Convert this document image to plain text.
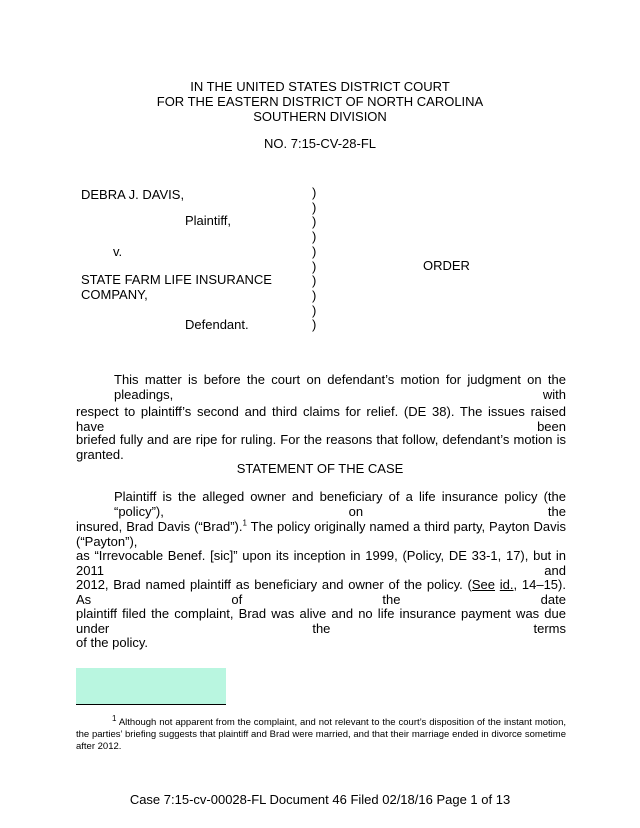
IN THE UNITED STATES DISTRICT COURT
FOR THE EASTERN DISTRICT OF NORTH CAROLINA
SOUTHERN DIVISION
NO. 7:15-CV-28-FL
DEBRA J. DAVIS,
Plaintiff,
v.
STATE FARM LIFE INSURANCE
COMPANY,
Defendant.
)
)
)
)
)
)
)
)
)
)
ORDER
This matter is before the court on defendant’s motion for judgment on the pleadings, with
respect to plaintiff’s second and third claims for relief. (DE 38). The issues raised have been
briefed fully and are ripe for ruling. For the reasons that follow, defendant’s motion is granted.
STATEMENT OF THE CASE
Plaintiff is the alleged owner and beneficiary of a life insurance policy (the “policy”), on the
insured, Brad Davis (“Brad”).$^1$ The policy originally named a third party, Payton Davis (“Payton”),
as “Irrevocable Benef. [sic]” upon its inception in 1999, (Policy, DE 33-1, 17), but in 2011 and
2012, Brad named plaintiff as beneficiary and owner of the policy. (See id., 14–15). As of the date
plaintiff filed the complaint, Brad was alive and no life insurance payment was due under the terms
of the policy.
$^1$ Although not apparent from the complaint, and not relevant to the court’s disposition of the instant motion,
the parties’ briefing suggests that plaintiff and Brad were married, and that their marriage ended in divorce sometime
after 2012.
Case 7:15-cv-00028-FL Document 46 Filed 02/18/16 Page 1 of 13
